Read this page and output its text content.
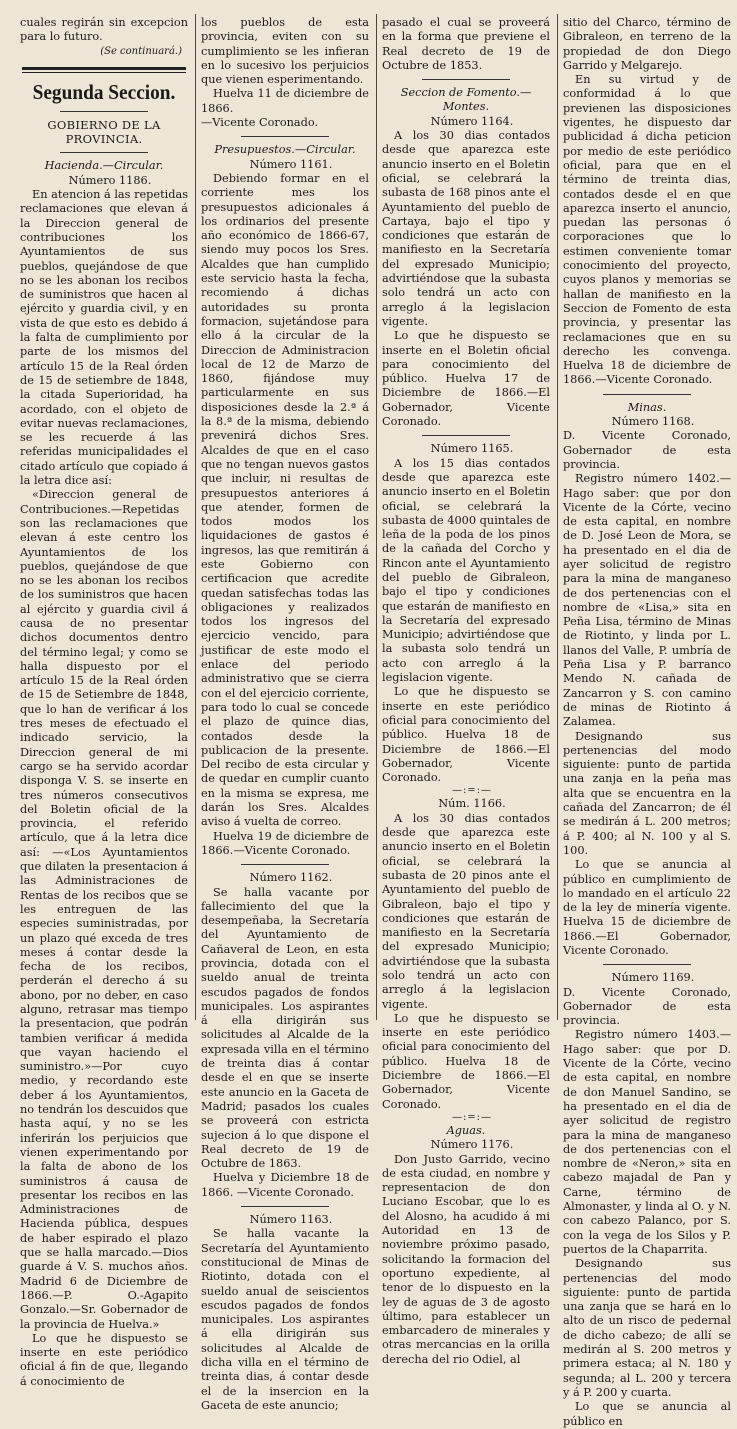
cuales regirán sin excepcion para lo futuro.

(Se continuará.)
Segunda Seccion.
GOBIERNO DE LA PROVINCIA.

Hacienda.—Circular.

Número 1186.

En atencion á las repetidas reclamaciones que elevan á la Direccion general de contribuciones los Ayuntamientos de sus pueblos, quejándose de que no se les abonan los recibos de suministros que hacen al ejército y guardia civil, y en vista de que esto es debido á la falta de cumplimiento por parte de los mismos del artículo 15 de la Real órden de 15 de setiembre de 1848, la citada Superioridad, ha acordado, con el objeto de evitar nuevas reclamaciones, se les recuerde á las referidas municipalidades el citado artículo que copiado á la letra dice así:

«Direccion general de Contribuciones.—Repetidas son las reclamaciones que elevan á este centro los Ayuntamientos de los pueblos, quejándose de que no se les abonan los recibos de los suministros que hacen al ejército y guardia civil á causa de no presentar dichos documentos dentro del término legal; y como se halla dispuesto por el artículo 15 de la Real órden de 15 de Setiembre de 1848, que lo han de verificar á los tres meses de efectuado el indicado servicio, la Direccion general de mi cargo se ha servido acordar disponga V. S. se inserte en tres números consecutivos del Boletin oficial de la provincia, el referido artículo, que á la letra dice así: —«Los Ayuntamientos que dilaten la presentacion á las Administraciones de Rentas de los recibos que se les entreguen de las especies suministradas, por un plazo qué exceda de tres meses á contar desde la fecha de los recibos, perderán el derecho á su abono, por no deber, en caso alguno, retrasar mas tiempo la presentacion, que podrán tambien verificar á medida que vayan haciendo el suministro.»—Por cuyo medio, y recordando este deber á los Ayuntamientos, no tendrán los descuidos que hasta aquí, y no se les inferirán los perjuicios que vienen experimentando por la falta de abono de los suministros á causa de presentar los recibos en las Administraciones de Hacienda pública, despues de haber espirado el plazo que se halla marcado.—Dios guarde á V. S. muchos años. Madrid 6 de Diciembre de 1866.—P. O.-Agapito Gonzalo.—Sr. Gobernador de la provincia de Huelva.»

Lo que he dispuesto se inserte en este periódico oficial á fin de que, llegando á conocimiento de

los pueblos de esta provincia, eviten con su cumplimiento se les infieran en lo sucesivo los perjuicios que vienen esperimentando.

Huelva 11 de diciembre de 1866.

—Vicente Coronado.

Presupuestos.—Circular.

Número 1161.

Debiendo formar en el corriente mes los presupuestos adicionales á los ordinarios del presente año económico de 1866-67, siendo muy pocos los Sres. Alcaldes que han cumplido este servicio hasta la fecha, recomiendo á dichas autoridades su pronta formacion, sujetándose para ello á la circular de la Direccion de Administracion local de 12 de Marzo de 1860, fijándose muy particularmente en sus disposiciones desde la 2.ª á la 8.ª de la misma, debiendo prevenirá dichos Sres. Alcaldes de que en el caso que no tengan nuevos gastos que incluir, ni resultas de presupuestos anteriores á que atender, formen de todos modos los liquidaciones de gastos é ingresos, las que remitirán á este Gobierno con certificacion que acredite quedan satisfechas todas las obligaciones y realizados todos los ingresos del ejercicio vencido, para justificar de este modo el enlace del periodo administrativo que se cierra con el del ejercicio corriente, para todo lo cual se concede el plazo de quince dias, contados desde la publicacion de la presente. Del recibo de esta circular y de quedar en cumplir cuanto en la misma se expresa, me darán los Sres. Alcaldes aviso á vuelta de correo.

Huelva 19 de diciembre de 1866.—Vicente Coronado.

Número 1162.

Se halla vacante por fallecimiento del que la desempeñaba, la Secretaría del Ayuntamiento de Cañaveral de Leon, en esta provincia, dotada con el sueldo anual de treinta escudos pagados de fondos municipales. Los aspirantes á ella dirigirán sus solicitudes al Alcalde de la expresada villa en el término de treinta dias á contar desde el en que se inserte este anuncio en la Gaceta de Madrid; pasados los cuales se proveerá con estricta sujecion á lo que dispone el Real decreto de 19 de Octubre de 1863.

Huelva y Diciembre 18 de 1866. —Vicente Coronado.

Número 1163.

Se halla vacante la Secretaría del Ayuntamiento constitucional de Minas de Riotinto, dotada con el sueldo anual de seiscientos escudos pagados de fondos municipales. Los aspirantes á ella dirigirán sus solicitudes al Alcalde de dicha villa en el término de treinta dias, á contar desde el de la insercion en la Gaceta de este anuncio;

pasado el cual se proveerá en la forma que previene el Real decreto de 19 de Octubre de 1853.

Seccion de Fomento.—Montes.

Número 1164.

A los 30 dias contados desde que aparezca este anuncio inserto en el Boletin oficial, se celebrará la subasta de 168 pinos ante el Ayuntamiento del pueblo de Cartaya, bajo el tipo y condiciones que estarán de manifiesto en la Secretaría del expresado Municipio; advirtiéndose que la subasta solo tendrá un acto con arreglo á la legislacion vigente.

Lo que he dispuesto se inserte en el Boletin oficial para conocimiento del público. Huelva 17 de Diciembre de 1866.—El Gobernador, Vicente Coronado.

Número 1165.

A los 15 dias contados desde que aparezca este anuncio inserto en el Boletin oficial, se celebrará la subasta de 4000 quintales de leña de la poda de los pinos de la cañada del Corcho y Rincon ante el Ayuntamiento del pueblo de Gibraleon, bajo el tipo y condiciones que estarán de manifiesto en la Secretaría del expresado Municipio; advirtiéndose que la subasta solo tendrá un acto con arreglo á la legislacion vigente.

Lo que he dispuesto se inserte en este periódico oficial para conocimiento del público. Huelva 18 de Diciembre de 1866.—El Gobernador, Vicente Coronado.

—:=:—

Núm. 1166.

A los 30 dias contados desde que aparezca este anuncio inserto en el Boletin oficial, se celebrará la subasta de 20 pinos ante el Ayuntamiento del pueblo de Gibraleon, bajo el tipo y condiciones que estarán de manifiesto en la Secretaría del expresado Municipio; advirtiéndose que la subasta solo tendrá un acto con arreglo á la legislacion vigente.

Lo que he dispuesto se inserte en este periódico oficial para conocimiento del público. Huelva 18 de Diciembre de 1866.—El Gobernador, Vicente Coronado.

—:=:—

Aguas.

Número 1176.

Don Justo Garrido, vecino de esta ciudad, en nombre y representacion de don Luciano Escobar, que lo es del Alosno, ha acudido á mi Autoridad en 13 de noviembre próximo pasado, solicitando la formacion del oportuno expediente, al tenor de lo dispuesto en la ley de aguas de 3 de agosto último, para establecer un embarcadero de minerales y otras mercancias en la orilla derecha del rio Odiel, al

sitio del Charco, término de Gibraleon, en terreno de la propiedad de don Diego Garrido y Melgarejo.

En su virtud y de conformidad á lo que previenen las disposiciones vigentes, he dispuesto dar publicidad á dicha peticion por medio de este periódico oficial, para que en el término de treinta dias, contados desde el en que aparezca inserto el anuncio, puedan las personas ó corporaciones que lo estimen conveniente tomar conocimiento del proyecto, cuyos planos y memorias se hallan de manifiesto en la Seccion de Fomento de esta provincia, y presentar las reclamaciones que en su derecho les convenga. Huelva 18 de diciembre de 1866.—Vicente Coronado.

Minas.

Número 1168.

D. Vicente Coronado, Gobernador de esta provincia.

Registro número 1402.—Hago saber: que por don Vicente de la Córte, vecino de esta capital, en nombre de D. José Leon de Mora, se ha presentado en el dia de ayer solicitud de registro para la mina de manganeso de dos pertenencias con el nombre de «Lisa,» sita en Peña Lisa, término de Minas de Riotinto, y linda por L. llanos del Valle, P. umbría de Peña Lisa y P. barranco Mendo N. cañada de Zancarron y S. con camino de minas de Riotinto á Zalamea.

Designando sus pertenencias del modo siguiente: punto de partida una zanja en la peña mas alta que se encuentra en la cañada del Zancarron; de él se medirán á L. 200 metros; á P. 400; al N. 100 y al S. 100.

Lo que se anuncia al público en cumplimiento de lo mandado en el artículo 22 de la ley de minería vigente. Huelva 15 de diciembre de 1866.—El Gobernador, Vicente Coronado.

Número 1169.

D. Vicente Coronado, Gobernador de esta provincia.

Registro número 1403.—Hago saber: que por D. Vicente de la Córte, vecino de esta capital, en nombre de don Manuel Sandino, se ha presentado en el dia de ayer solicitud de registro para la mina de manganeso de dos pertenencias con el nombre de «Neron,» sita en cabezo majadal de Pan y Carne, término de Almonaster, y linda al O. y N. con cabezo Palanco, por S. con la vega de los Silos y P. puertos de la Chaparrita.

Designando sus pertenencias del modo siguiente: punto de partida una zanja que se hará en lo alto de un risco de pedernal de dicho cabezo; de allí se medirán al S. 200 metros y primera estaca; al N. 180 y segunda; al L. 200 y tercera y á P. 200 y cuarta.

Lo que se anuncia al público en
